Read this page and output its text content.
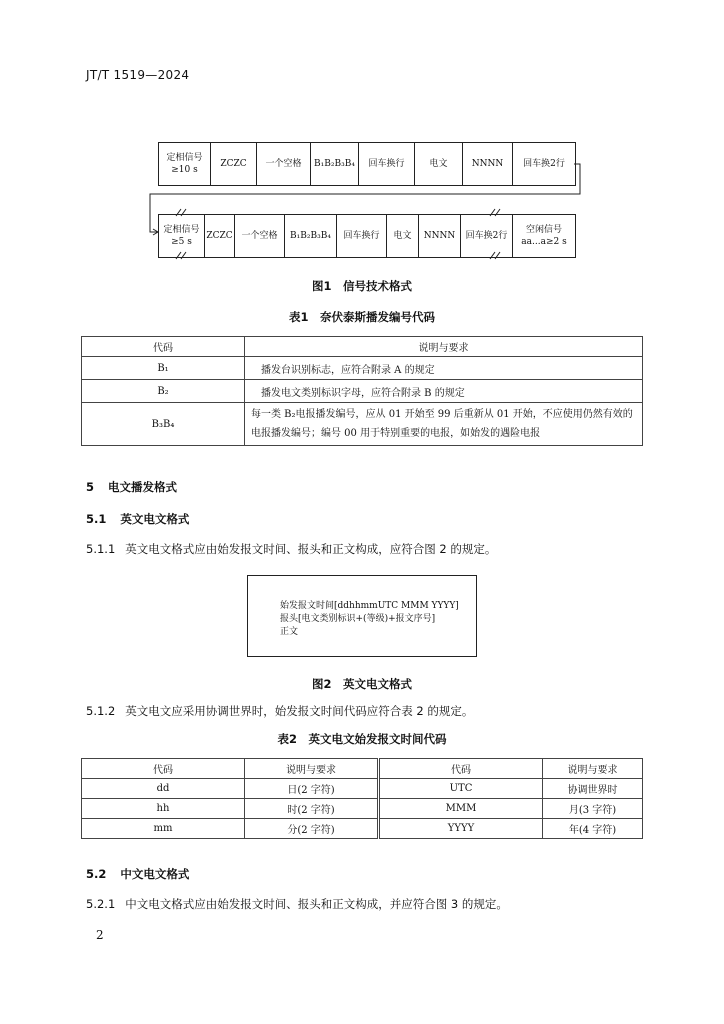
JT/T 1519—2024
定相信号
≥10 s
ZCZC	一个空格	B₁B₂B₃B₄	回车换行	电文	NNNN	回车换2行
定相信号
≥5 s
ZCZC 一个空格	B₁B₂B₃B₄	回车换行	电文	NNNN	回车换2行
空闲信号
aa...a≥2 s
图1　信号技术格式
表1　奈伏泰斯播发编号代码
代码	说明与要求
B₁	播发台识别标志，应符合附录 A 的规定
B₂	播发电文类别标识字母，应符合附录 B 的规定
B₃B₄	每一类 B₂电报播发编号，应从 01 开始至 99 后重新从 01 开始，不应使用仍然有效的电报播发编号；编号 00 用于特别重要的电报，如始发的遇险电报
5 电文播发格式
5.1 英文电文格式
5.1.1 英文电文格式应由始发报文时间、报头和正文构成，应符合图 2 的规定。
始发报文时间[ddhhmmUTC MMM YYYY]
报头[电文类别标识+(等级)+报文序号]
正文
图2　英文电文格式
5.1.2 英文电文应采用协调世界时，始发报文时间代码应符合表 2 的规定。
表2　英文电文始发报文时间代码
代码	说明与要求	代码	说明与要求
dd	日(2 字符)	UTC	协调世界时
hh	时(2 字符)	MMM	月(3 字符)
mm	分(2 字符)	YYYY	年(4 字符)
5.2 中文电文格式
5.2.1 中文电文格式应由始发报文时间、报头和正文构成，并应符合图 3 的规定。
2
